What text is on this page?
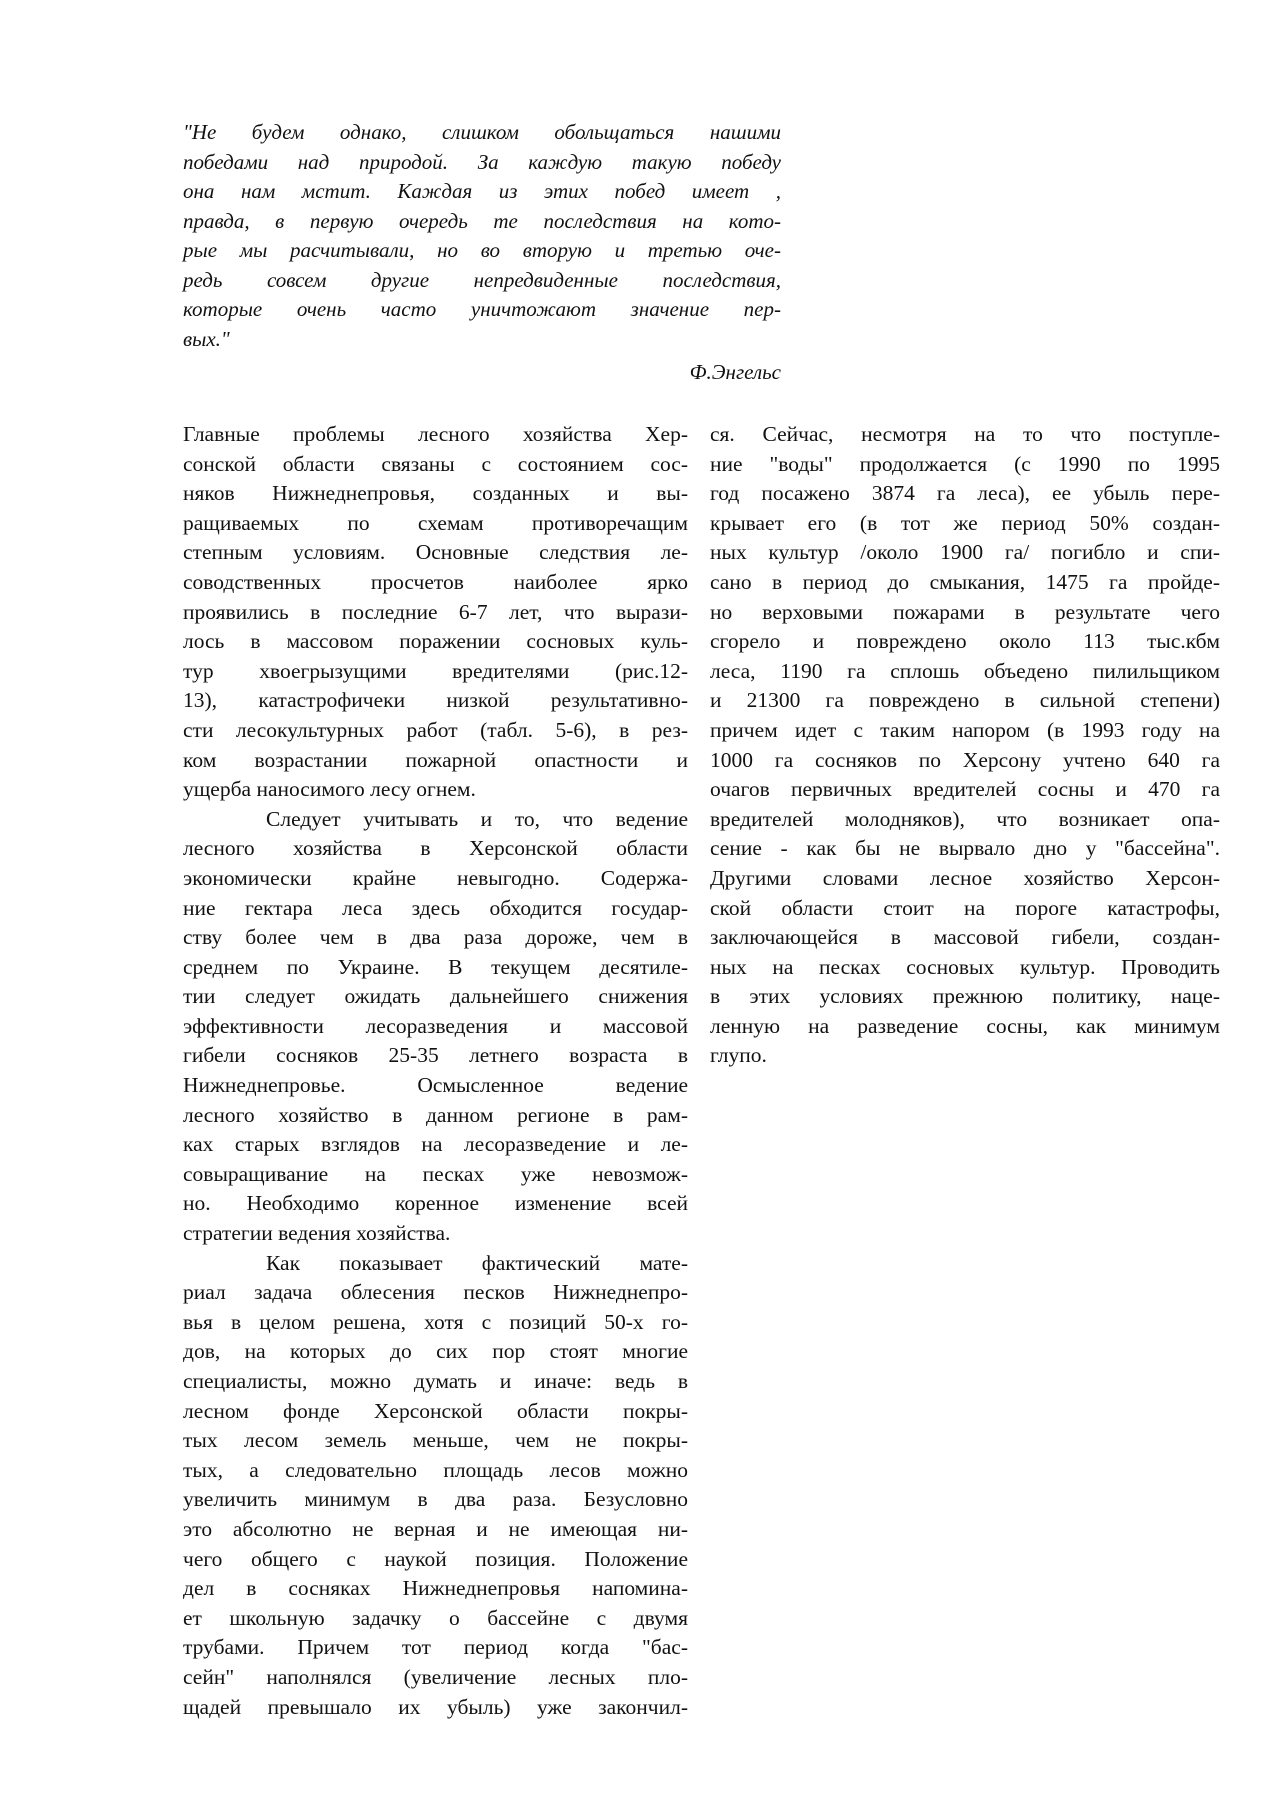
"Не будем однако, слишком обольщаться нашими
победами над природой. За каждую такую победу
она нам мстит. Каждая из этих побед имеет ,
правда, в первую очередь те последствия на кото-
рые мы расчитывали, но во вторую и третью оче-
редь совсем другие непредвиденные последствия,
которые очень часто уничтожают значение пер-
вых."
Ф.Энгельс
Главные проблемы лесного хозяйства Хер-
сонской области связаны с состоянием сос-
няков Нижнеднепровья, созданных и вы-
ращиваемых по схемам противоречащим
степным условиям. Основные следствия ле-
соводственных просчетов наиболее ярко
проявились в последние 6-7 лет, что вырази-
лось в массовом поражении сосновых куль-
тур хвоегрызущими вредителями (рис.12-
13), катастрофичеки низкой результативно-
сти лесокультурных работ (табл. 5-6), в рез-
ком возрастании пожарной опастности и
ущерба наносимого лесу огнем.
Следует учитывать и то, что ведение
лесного хозяйства в Херсонской области
экономически крайне невыгодно. Содержа-
ние гектара леса здесь обходится государ-
ству более чем в два раза дороже, чем в
среднем по Украине. В текущем десятиле-
тии следует ожидать дальнейшего снижения
эффективности лесоразведения и массовой
гибели сосняков 25-35 летнего возраста в
Нижнеднепровье. Осмысленное ведение
лесного хозяйство в данном регионе в рам-
ках старых взглядов на лесоразведение и ле-
совыращивание на песках уже невозмож-
но. Необходимо коренное изменение всей
стратегии ведения хозяйства.
Как показывает фактический мате-
риал задача облесения песков Нижнеднепро-
вья в целом решена, хотя с позиций 50-х го-
дов, на которых до сих пор стоят многие
специалисты, можно думать и иначе: ведь в
лесном фонде Херсонской области покры-
тых лесом земель меньше, чем не покры-
тых, а следовательно площадь лесов можно
увеличить минимум в два раза. Безусловно
это абсолютно не верная и не имеющая ни-
чего общего с наукой позиция. Положение
дел в сосняках Нижнеднепровья напомина-
ет школьную задачку о бассейне с двумя
трубами. Причем тот период когда "бас-
сейн" наполнялся (увеличение лесных пло-
щадей превышало их убыль) уже закончил-
ся. Сейчас, несмотря на то что поступле-
ние "воды" продолжается (с 1990 по 1995
год посажено 3874 га леса), ее убыль пере-
крывает его (в тот же период 50% создан-
ных культур /около 1900 га/ погибло и спи-
сано в период до смыкания, 1475 га пройде-
но верховыми пожарами в результате чего
сгорело и повреждено около 113 тыс.кбм
леса, 1190 га сплошь объедено пилильщиком
и 21300 га повреждено в сильной степени)
причем идет с таким напором (в 1993 году на
1000 га сосняков по Херсону учтено 640 га
очагов первичных вредителей сосны и 470 га
вредителей молодняков), что возникает опа-
сение - как бы не вырвало дно у "бассейна".
Другими словами лесное хозяйство Херсон-
ской области стоит на пороге катастрофы,
заключающейся в массовой гибели, создан-
ных на песках сосновых культур. Проводить
в этих условиях прежнюю политику, наце-
ленную на разведение сосны, как минимум
глупо.
